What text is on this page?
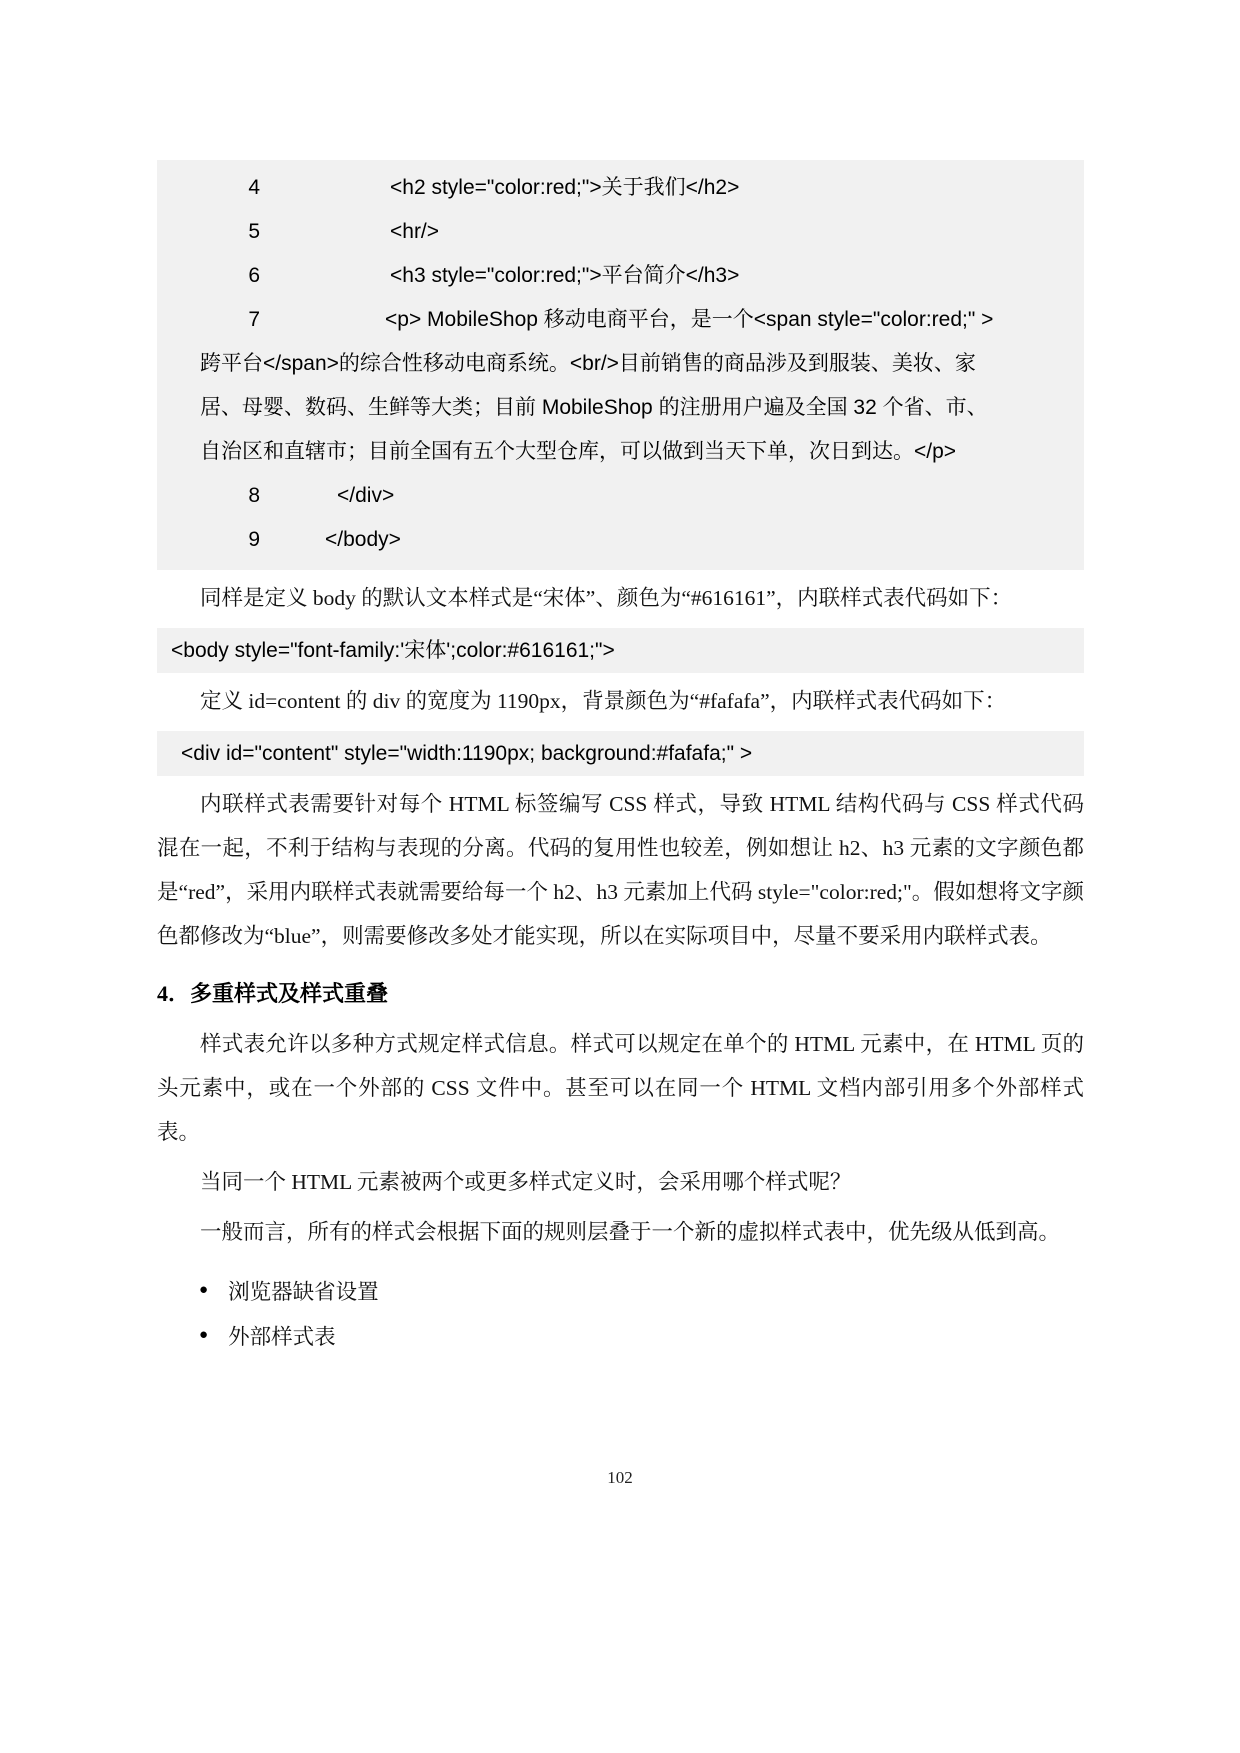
4	<h2 style="color:red;">关于我们</h2>
5	<hr/>
6	<h3 style="color:red;">平台简介</h3>
7	<p> MobileShop 移动电商平台，是一个<span style="color:red;" >
跨平台</span>的综合性移动电商系统。<br/>目前销售的商品涉及到服装、美妆、家
居、母婴、数码、生鲜等大类；目前 MobileShop 的注册用户遍及全国 32 个省、市、
自治区和直辖市；目前全国有五个大型仓库，可以做到当天下单，次日到达。</p>
8	</div>
9	</body>

同样是定义 body 的默认文本样式是“宋体”、颜色为“#616161”，内联样式表代码如下：

<body style="font-family:'宋体';color:#616161;">

定义 id=content 的 div 的宽度为 1190px，背景颜色为“#fafafa”，内联样式表代码如下：

<div id="content" style="width:1190px; background:#fafafa;" >

内联样式表需要针对每个 HTML 标签编写 CSS 样式，导致 HTML 结构代码与 CSS 样式代码混在一起，不利于结构与表现的分离。代码的复用性也较差，例如想让 h2、h3 元素的文字颜色都是“red”，采用内联样式表就需要给每一个 h2、h3 元素加上代码 style="color:red;"。假如想将文字颜色都修改为“blue”，则需要修改多处才能实现，所以在实际项目中，尽量不要采用内联样式表。

4．多重样式及样式重叠

样式表允许以多种方式规定样式信息。样式可以规定在单个的 HTML 元素中，在 HTML 页的头元素中，或在一个外部的 CSS 文件中。甚至可以在同一个 HTML 文档内部引用多个外部样式表。

当同一个 HTML 元素被两个或更多样式定义时，会采用哪个样式呢？

一般而言，所有的样式会根据下面的规则层叠于一个新的虚拟样式表中，优先级从低到高。

● 浏览器缺省设置
● 外部样式表
102
